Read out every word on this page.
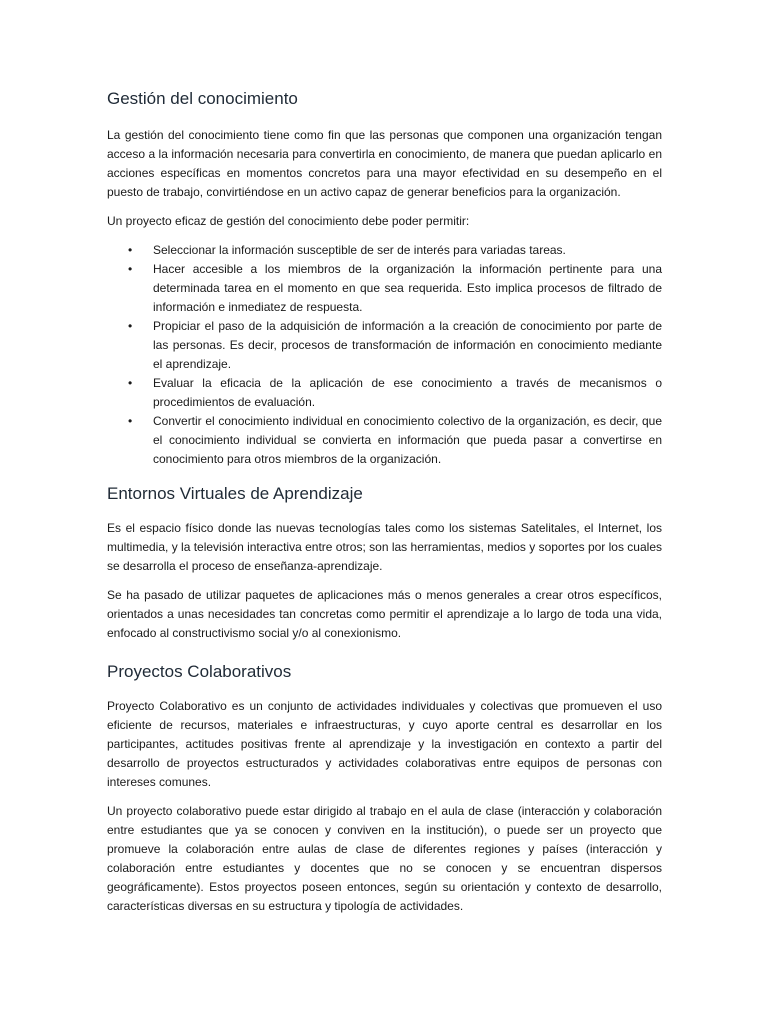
Gestión del conocimiento

La gestión del conocimiento tiene como fin que las personas que componen una organización tengan acceso a la información necesaria para convertirla en conocimiento, de manera que puedan aplicarlo en acciones específicas en momentos concretos para una mayor efectividad en su desempeño en el puesto de trabajo, convirtiéndose en un activo capaz de generar beneficios para la organización.

Un proyecto eficaz de gestión del conocimiento debe poder permitir:

•	Seleccionar la información susceptible de ser de interés para variadas tareas.
•	Hacer accesible a los miembros de la organización la información pertinente para una determinada tarea en el momento en que sea requerida. Esto implica procesos de filtrado de información e inmediatez de respuesta.
•	Propiciar el paso de la adquisición de información a la creación de conocimiento por parte de las personas. Es decir, procesos de transformación de información en conocimiento mediante el aprendizaje.
•	Evaluar la eficacia de la aplicación de ese conocimiento a través de mecanismos o procedimientos de evaluación.
•	Convertir el conocimiento individual en conocimiento colectivo de la organización, es decir, que el conocimiento individual se convierta en información que pueda pasar a convertirse en conocimiento para otros miembros de la organización.
Entornos Virtuales de Aprendizaje

Es el espacio físico donde las nuevas tecnologías tales como los sistemas Satelitales, el Internet, los multimedia, y la televisión interactiva entre otros; son las herramientas, medios y soportes por los cuales se desarrolla el proceso de enseñanza-aprendizaje.

Se ha pasado de utilizar paquetes de aplicaciones más o menos generales a crear otros específicos, orientados a unas necesidades tan concretas como permitir el aprendizaje a lo largo de toda una vida, enfocado al constructivismo social y/o al conexionismo.

Proyectos Colaborativos

Proyecto Colaborativo es un conjunto de actividades individuales y colectivas que promueven el uso eficiente de recursos, materiales e infraestructuras, y cuyo aporte central es desarrollar en los participantes, actitudes positivas frente al aprendizaje y la investigación en contexto a partir del desarrollo de proyectos estructurados y actividades colaborativas entre equipos de personas con intereses comunes.

Un proyecto colaborativo puede estar dirigido al trabajo en el aula de clase (interacción y colaboración entre estudiantes que ya se conocen y conviven en la institución), o puede ser un proyecto que promueve la colaboración entre aulas de clase de diferentes regiones y países (interacción y colaboración entre estudiantes y docentes que no se conocen y se encuentran dispersos geográficamente). Estos proyectos poseen entonces, según su orientación y contexto de desarrollo, características diversas en su estructura y tipología de actividades.
